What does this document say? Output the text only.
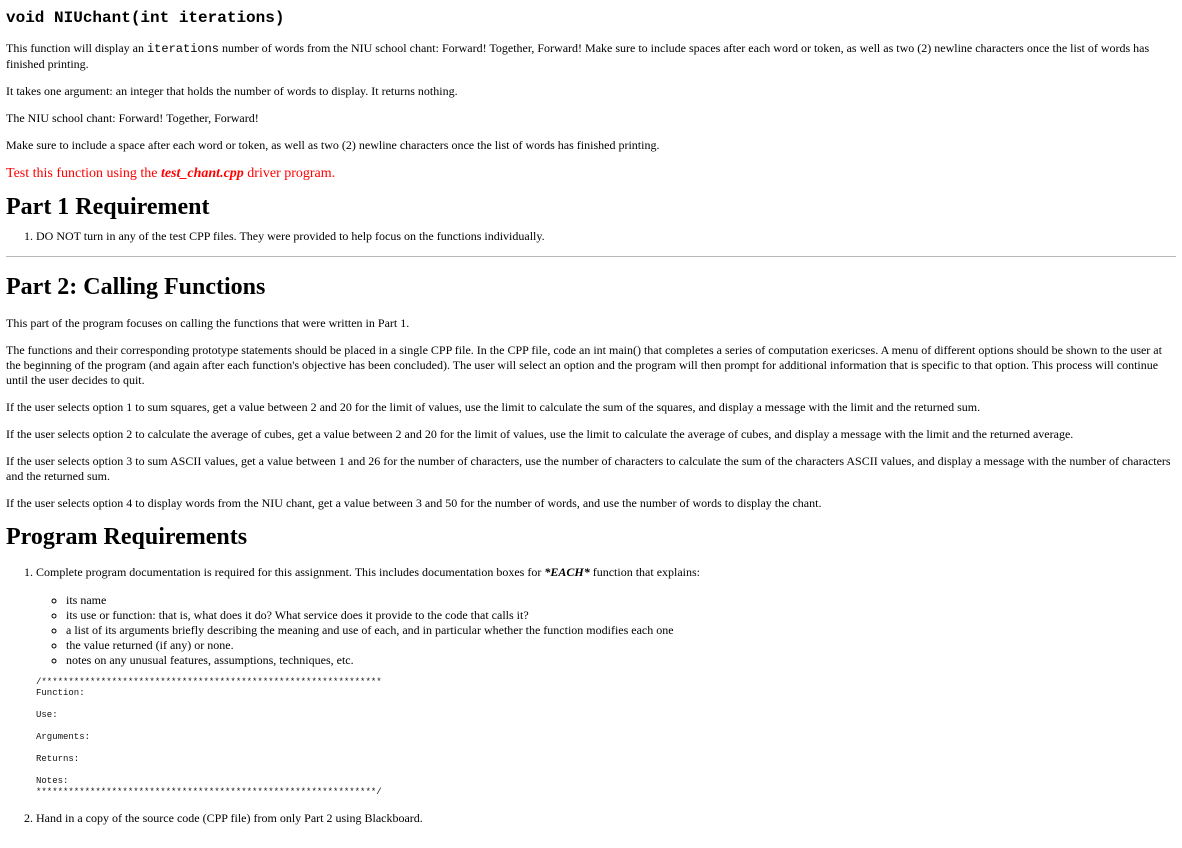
void NIUchant(int iterations)

This function will display an iterations number of words from the NIU school chant: Forward! Together, Forward! Make sure to include spaces after each word or token, as well as two (2) newline characters once the list of words has finished printing.

It takes one argument: an integer that holds the number of words to display. It returns nothing.

The NIU school chant: Forward! Together, Forward!

Make sure to include a space after each word or token, as well as two (2) newline characters once the list of words has finished printing.

Test this function using the test_chant.cpp driver program.

Part 1 Requirement
1. DO NOT turn in any of the test CPP files. They were provided to help focus on the functions individually.
Part 2: Calling Functions

This part of the program focuses on calling the functions that were written in Part 1.

The functions and their corresponding prototype statements should be placed in a single CPP file. In the CPP file, code an int main() that completes a series of computation exericses. A menu of different options should be shown to the user at the beginning of the program (and again after each function's objective has been concluded). The user will select an option and the program will then prompt for additional information that is specific to that option. This process will continue until the user decides to quit.

If the user selects option 1 to sum squares, get a value between 2 and 20 for the limit of values, use the limit to calculate the sum of the squares, and display a message with the limit and the returned sum.

If the user selects option 2 to calculate the average of cubes, get a value between 2 and 20 for the limit of values, use the limit to calculate the average of cubes, and display a message with the limit and the returned average.

If the user selects option 3 to sum ASCII values, get a value between 1 and 26 for the number of characters, use the number of characters to calculate the sum of the characters ASCII values, and display a message with the number of characters and the returned sum.

If the user selects option 4 to display words from the NIU chant, get a value between 3 and 50 for the number of words, and use the number of words to display the chant.

Program Requirements
1. Complete program documentation is required for this assignment. This includes documentation boxes for *EACH* function that explains:
◦ its name
◦ its use or function: that is, what does it do? What service does it provide to the code that calls it?
◦ a list of its arguments briefly describing the meaning and use of each, and in particular whether the function modifies each one
◦ the value returned (if any) or none.
◦ notes on any unusual features, assumptions, techniques, etc.
/***************************************************************
Function:

Use:

Arguments:

Returns:

Notes:
***************************************************************/
2. Hand in a copy of the source code (CPP file) from only Part 2 using Blackboard.
